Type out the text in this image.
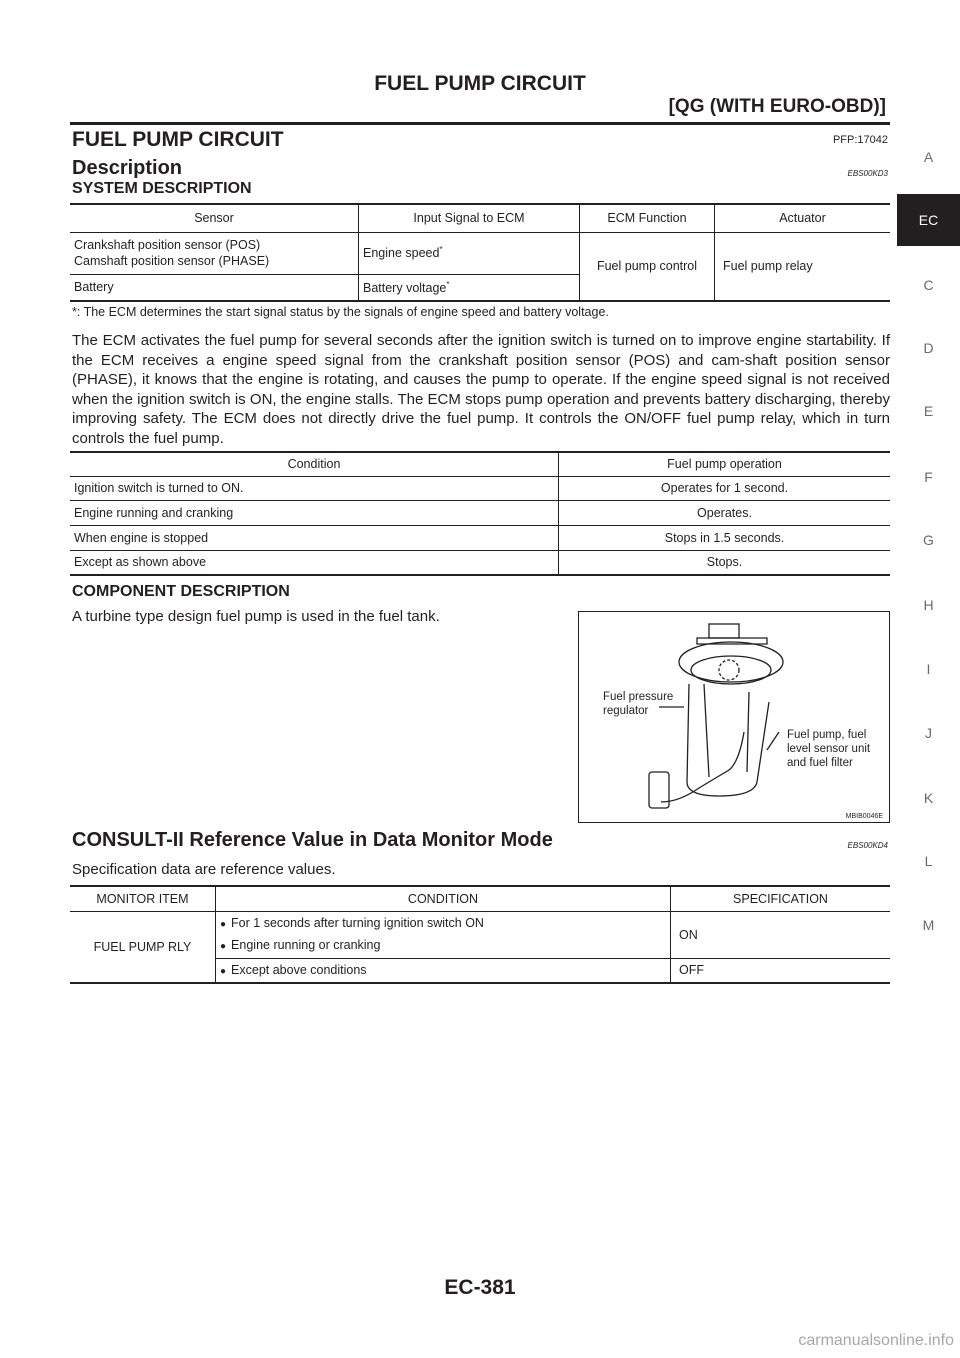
FUEL PUMP CIRCUIT
[QG (WITH EURO-OBD)]
FUEL PUMP CIRCUIT	PFP:17042
Description	EBS00KD3
SYSTEM DESCRIPTION
Sensor	Input Signal to ECM	ECM Function	Actuator

Crankshaft position sensor (POS)
Camshaft position sensor (PHASE)	Engine speed*	Fuel pump control	Fuel pump relay
Battery	Battery voltage*
*: The ECM determines the start signal status by the signals of engine speed and battery voltage.
The ECM activates the fuel pump for several seconds after the ignition switch is turned on to improve engine startability. If the ECM receives a engine speed signal from the crankshaft position sensor (POS) and cam-shaft position sensor (PHASE), it knows that the engine is rotating, and causes the pump to operate. If the engine speed signal is not received when the ignition switch is ON, the engine stalls. The ECM stops pump operation and prevents battery discharging, thereby improving safety. The ECM does not directly drive the fuel pump. It controls the ON/OFF fuel pump relay, which in turn controls the fuel pump.
Condition	Fuel pump operation
Ignition switch is turned to ON.	Operates for 1 second.
Engine running and cranking	Operates.
When engine is stopped	Stops in 1.5 seconds.
Except as shown above	Stops.
COMPONENT DESCRIPTION
A turbine type design fuel pump is used in the fuel tank.
Fuel pressure
regulator
Fuel pump, fuel
level sensor unit
and fuel filter
MBIB0046E
CONSULT-II Reference Value in Data Monitor Mode	EBS00KD4
Specification data are reference values.
MONITOR ITEM	CONDITION	SPECIFICATION
FUEL PUMP RLY	● For 1 seconds after turning ignition switch ON
● Engine running or cranking	ON
	● Except above conditions	OFF
A
EC
C
D
E
F
G
H
I
J
K
L
M
EC-381
carmanualsonline.info
